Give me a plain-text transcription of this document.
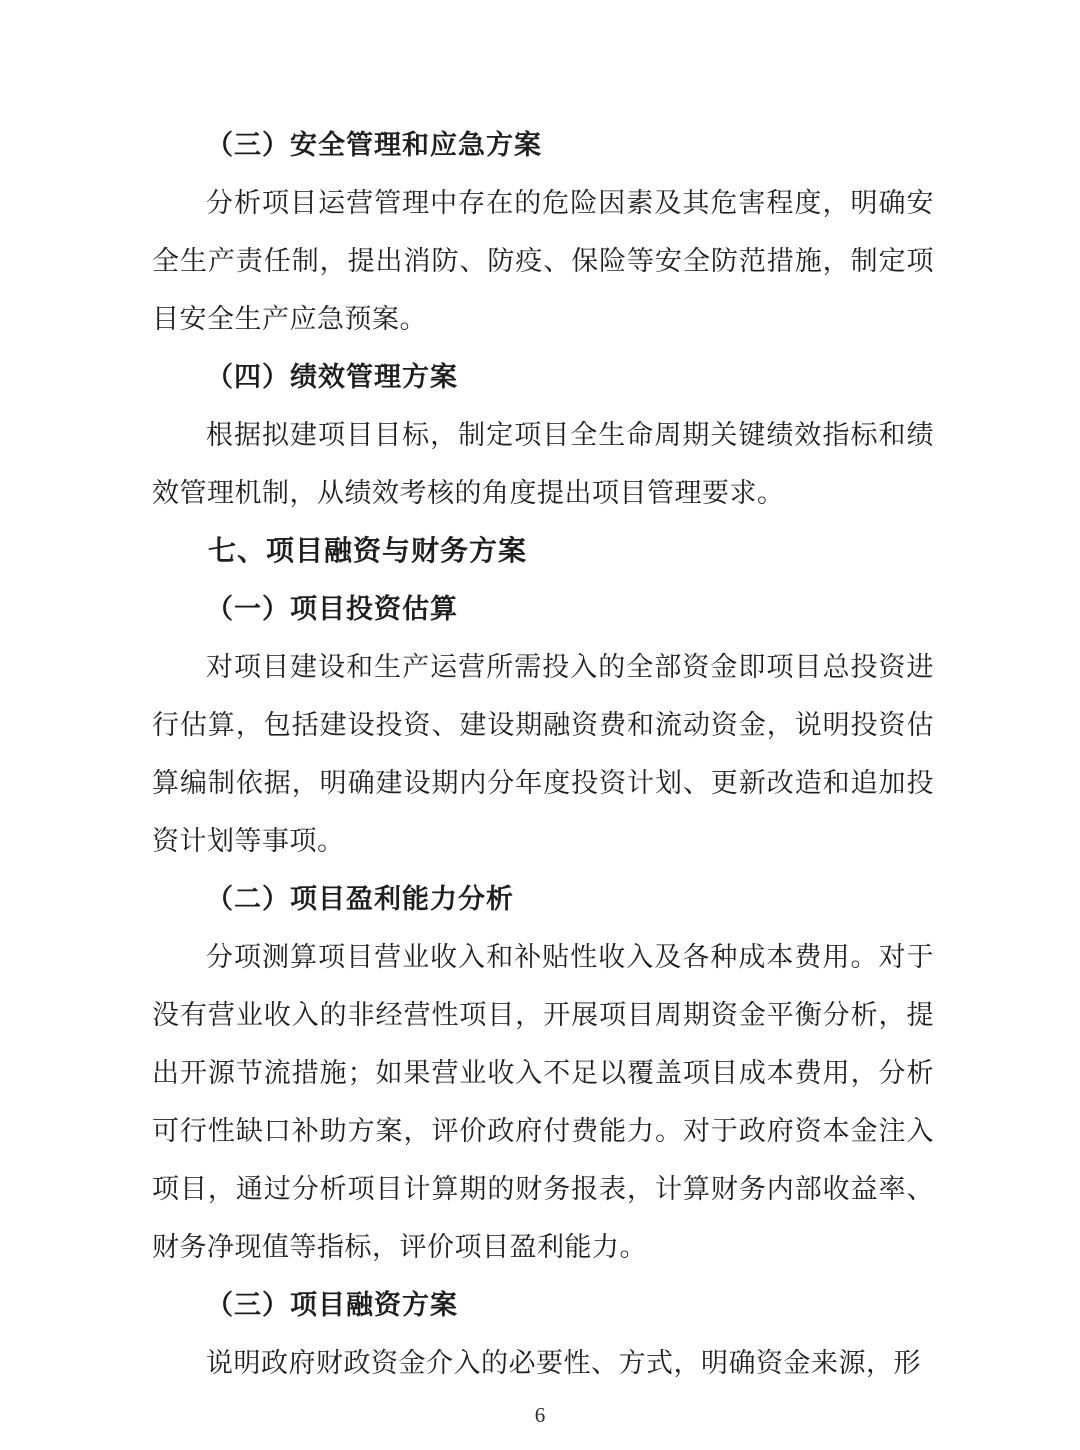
（三）安全管理和应急方案

分析项目运营管理中存在的危险因素及其危害程度，明确安全生产责任制，提出消防、防疫、保险等安全防范措施，制定项目安全生产应急预案。

（四）绩效管理方案

根据拟建项目目标，制定项目全生命周期关键绩效指标和绩效管理机制，从绩效考核的角度提出项目管理要求。

七、项目融资与财务方案
（一）项目投资估算

对项目建设和生产运营所需投入的全部资金即项目总投资进行估算，包括建设投资、建设期融资费和流动资金，说明投资估算编制依据，明确建设期内分年度投资计划、更新改造和追加投资计划等事项。

（二）项目盈利能力分析

分项测算项目营业收入和补贴性收入及各种成本费用。对于没有营业收入的非经营性项目，开展项目周期资金平衡分析，提出开源节流措施；如果营业收入不足以覆盖项目成本费用，分析可行性缺口补助方案，评价政府付费能力。对于政府资本金注入项目，通过分析项目计算期的财务报表，计算财务内部收益率、财务净现值等指标，评价项目盈利能力。

（三）项目融资方案

说明政府财政资金介入的必要性、方式，明确资金来源，形

6
